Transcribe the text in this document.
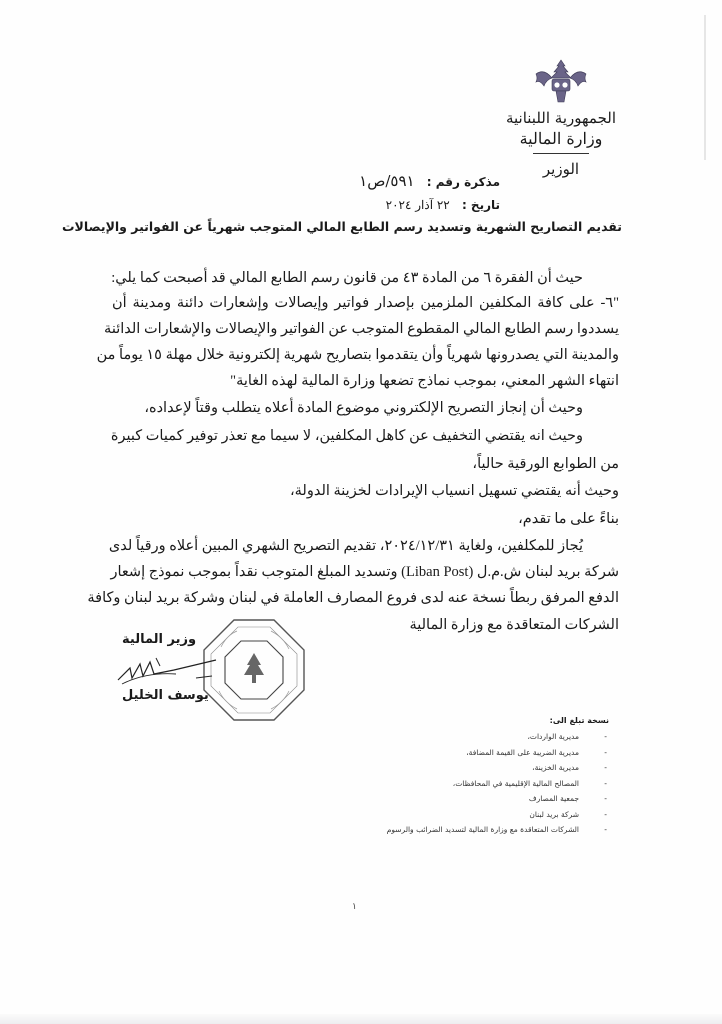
الجمهورية اللبنانية
وزارة المالية
الوزير
مذكرة رقم : ٥٩١/ص١
تاريخ : ٢٢ آذار ٢٠٢٤
تقديم التصاريح الشهرية وتسديد رسم الطابع المالي المتوجب شهرياً عن الفواتير والإيصالات
حيث أن الفقرة ٦ من المادة ٤٣ من قانون رسم الطابع المالي قد أصبحت كما يلي:
"٦- على كافة المكلفين الملزمين بإصدار فواتير وإيصالات وإشعارات دائنة ومدينة أن
يسددوا رسم الطابع المالي المقطوع المتوجب عن الفواتير والإيصالات والإشعارات الدائنة
والمدينة التي يصدرونها شهرياً وأن يتقدموا بتصاريح شهرية إلكترونية خلال مهلة ١٥ يوماً من
انتهاء الشهر المعني، بموجب نماذج تضعها وزارة المالية لهذه الغاية"
وحيث أن إنجاز التصريح الإلكتروني موضوع المادة أعلاه يتطلب وقتاً لإعداده،
وحيث انه يقتضي التخفيف عن كاهل المكلفين، لا سيما مع تعذر توفير كميات كبيرة
من الطوابع الورقية حالياً،
وحيث أنه يقتضي تسهيل انسياب الإيرادات لخزينة الدولة،
بناءً على ما تقدم،
يُجاز للمكلفين، ولغاية ٢٠٢٤/١٢/٣١، تقديم التصريح الشهري المبين أعلاه ورقياً لدى
شركة بريد لبنان ش.م.ل (Liban Post) وتسديد المبلغ المتوجب نقداً بموجب نموذج إشعار
الدفع المرفق ربطاً نسخة عنه لدى فروع المصارف العاملة في لبنان وشركة بريد لبنان وكافة
الشركات المتعاقدة مع وزارة المالية
وزير المالية
يوسف الخليل
نسخة تبلغ الى:
-
مديرية الواردات،
-
مديرية الضريبة على القيمة المضافة،
-
مديرية الخزينة،
-
المصالح المالية الإقليمية في المحافظات،
-
جمعية المصارف
-
شركة بريد لبنان
-
الشركات المتعاقدة مع وزارة المالية لتسديد الضرائب والرسوم
١
